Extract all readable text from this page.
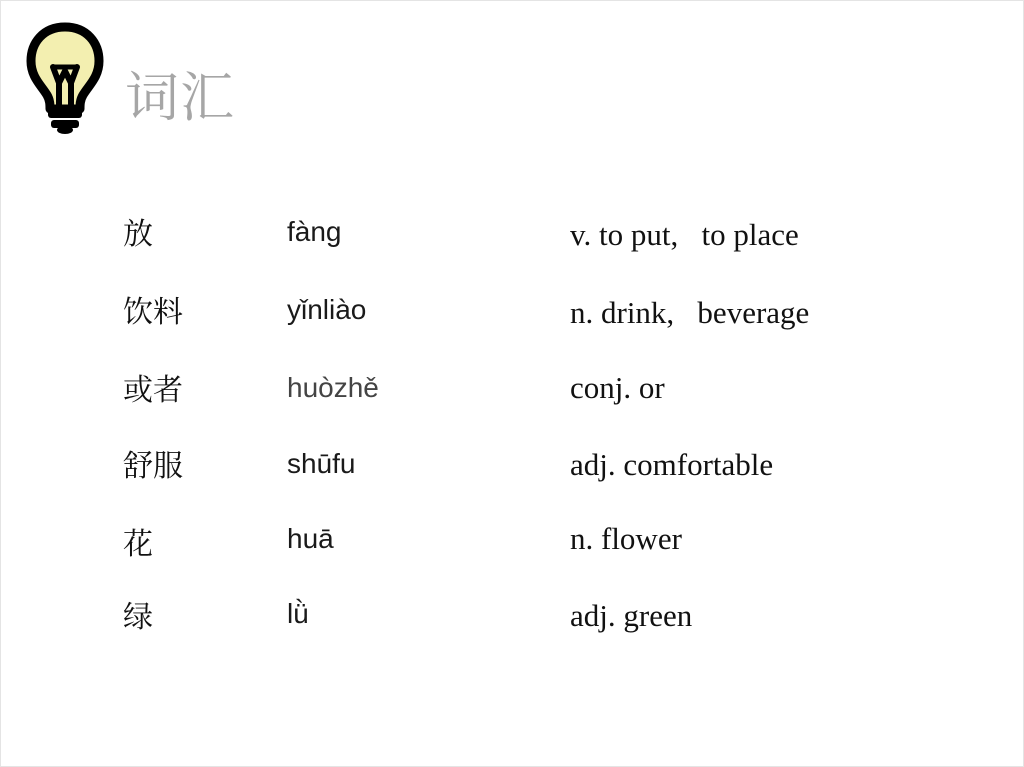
词汇
放	fàng	v. to put,   to place
饮料	yǐnliào	n. drink,   beverage
或者	huòzhě	conj. or
舒服	shūfu	adj. comfortable
花	huā	n. flower
绿	lǜ	adj. green
